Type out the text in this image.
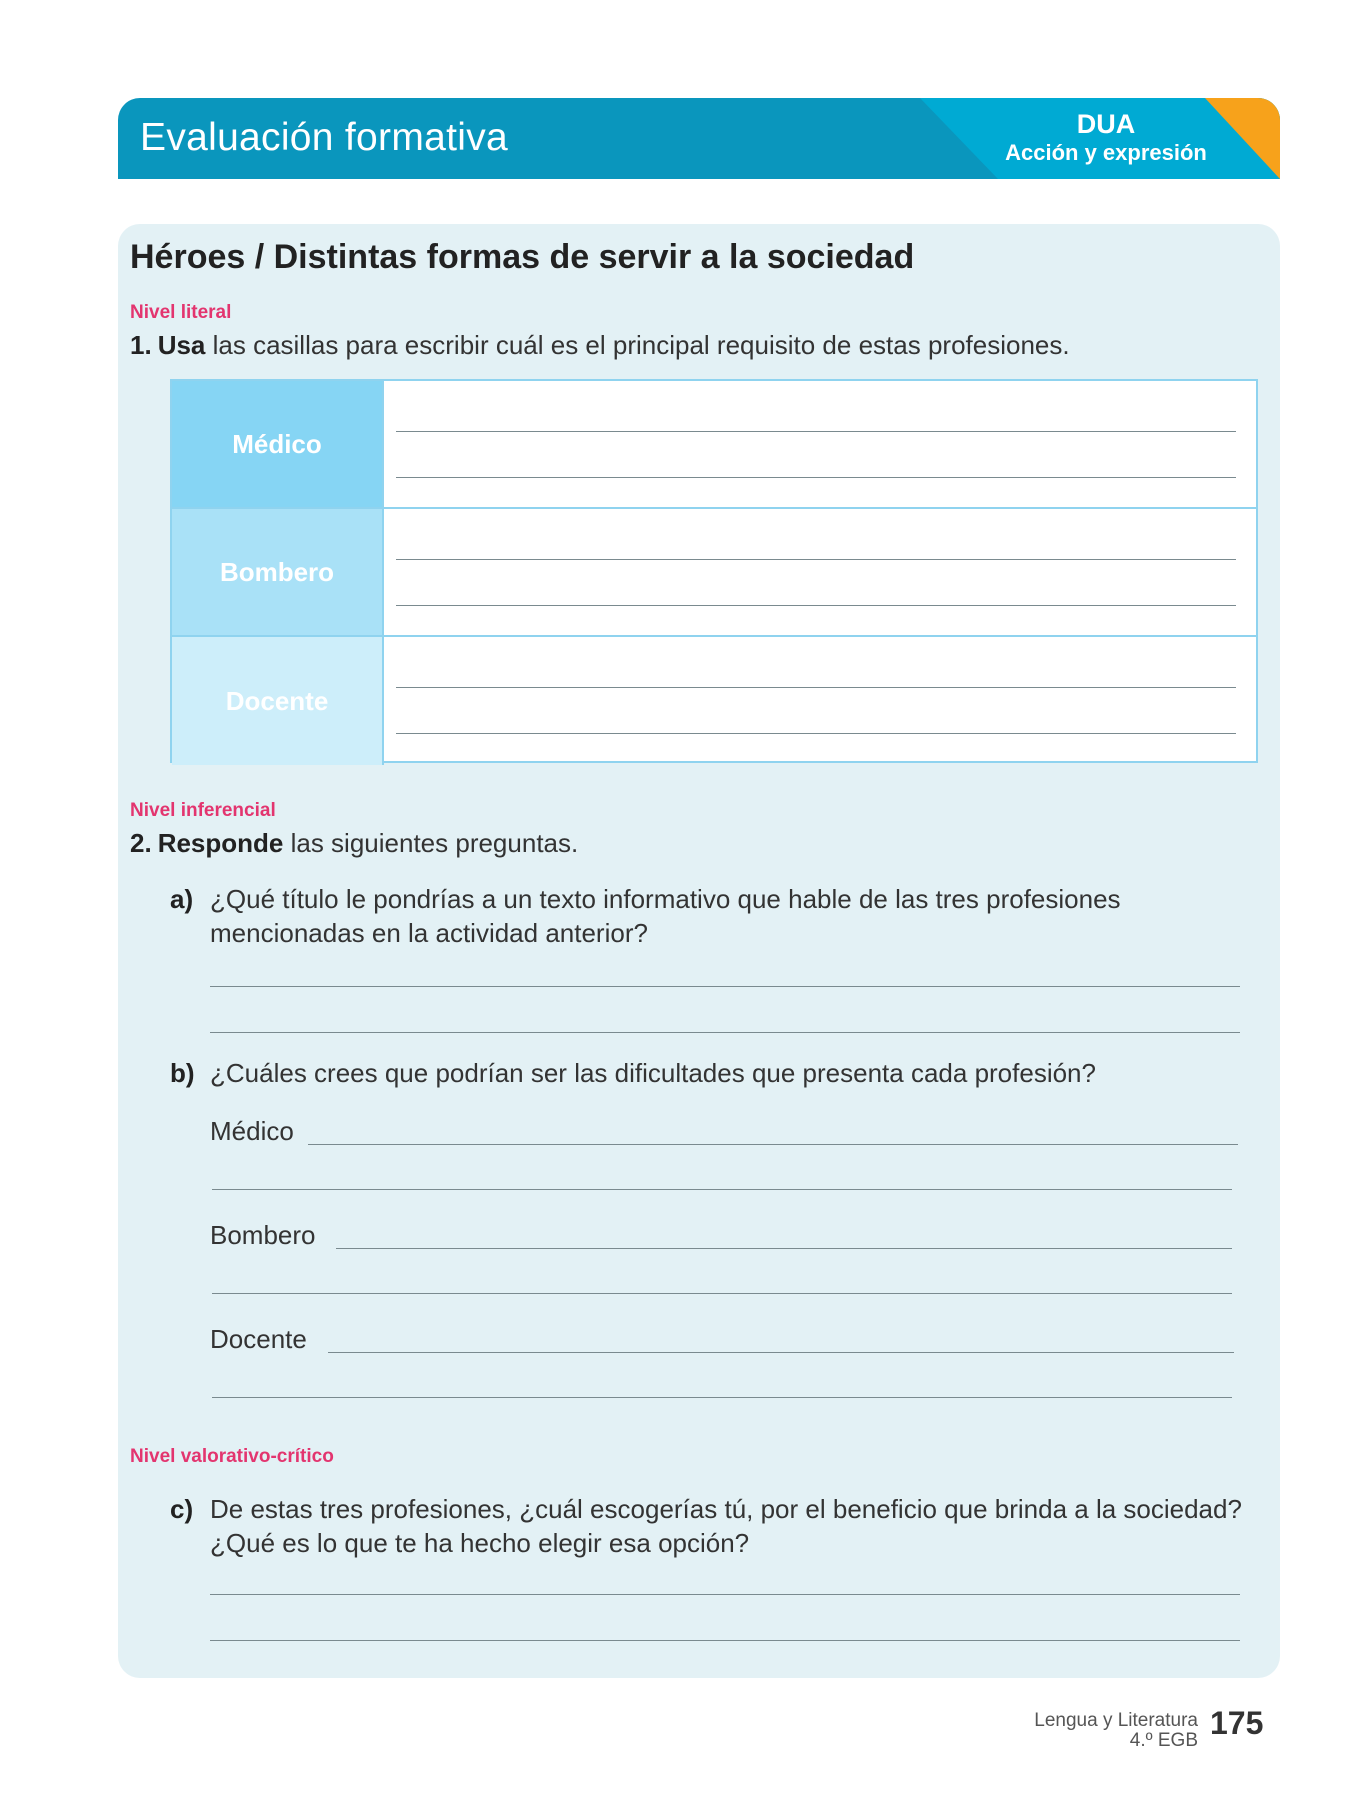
Evaluación formativa	DUA
Acción y expresión
Héroes / Distintas formas de servir a la sociedad
Nivel literal
1. Usa las casillas para escribir cuál es el principal requisito de estas profesiones.
Médico
Bombero
Docente
Nivel inferencial
2. Responde las siguientes preguntas.
a) ¿Qué título le pondrías a un texto informativo que hable de las tres profesiones
mencionadas en la actividad anterior?
b) ¿Cuáles crees que podrían ser las dificultades que presenta cada profesión?
Médico
Bombero
Docente
Nivel valorativo-crítico
c) De estas tres profesiones, ¿cuál escogerías tú, por el beneficio que brinda a la sociedad?
¿Qué es lo que te ha hecho elegir esa opción?
Lengua y Literatura
4.º EGB 175
